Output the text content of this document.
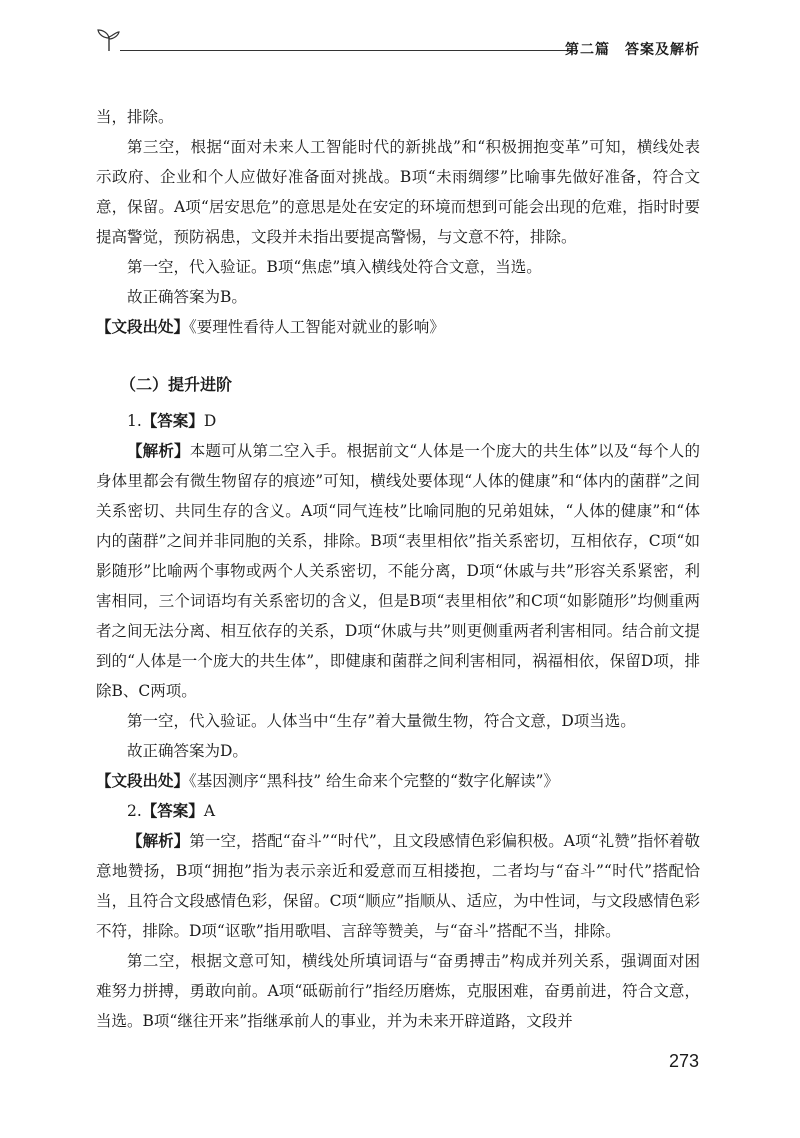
第二篇　答案及解析

当，排除。

第三空，根据“面对未来人工智能时代的新挑战”和“积极拥抱变革”可知，横线处表示政府、企业和个人应做好准备面对挑战。B项“未雨绸缪”比喻事先做好准备，符合文意，保留。A项“居安思危”的意思是处在安定的环境而想到可能会出现的危难，指时时要提高警觉，预防祸患，文段并未指出要提高警惕，与文意不符，排除。

第一空，代入验证。B项“焦虑”填入横线处符合文意，当选。

故正确答案为B。

【文段出处】《要理性看待人工智能对就业的影响》

（二）提升进阶

1.【答案】D

【解析】本题可从第二空入手。根据前文“人体是一个庞大的共生体”以及“每个人的身体里都会有微生物留存的痕迹”可知，横线处要体现“人体的健康”和“体内的菌群”之间关系密切、共同生存的含义。A项“同气连枝”比喻同胞的兄弟姐妹，“人体的健康”和“体内的菌群”之间并非同胞的关系，排除。B项“表里相依”指关系密切，互相依存，C项“如影随形”比喻两个事物或两个人关系密切，不能分离，D项“休戚与共”形容关系紧密，利害相同，三个词语均有关系密切的含义，但是B项“表里相依”和C项“如影随形”均侧重两者之间无法分离、相互依存的关系，D项“休戚与共”则更侧重两者利害相同。结合前文提到的“人体是一个庞大的共生体”，即健康和菌群之间利害相同，祸福相依，保留D项，排除B、C两项。

第一空，代入验证。人体当中“生存”着大量微生物，符合文意，D项当选。

故正确答案为D。

【文段出处】《基因测序“黑科技” 给生命来个完整的“数字化解读”》

2.【答案】A

【解析】第一空，搭配“奋斗”“时代”，且文段感情色彩偏积极。A项“礼赞”指怀着敬意地赞扬，B项“拥抱”指为表示亲近和爱意而互相搂抱，二者均与“奋斗”“时代”搭配恰当，且符合文段感情色彩，保留。C项“顺应”指顺从、适应，为中性词，与文段感情色彩不符，排除。D项“讴歌”指用歌唱、言辞等赞美，与“奋斗”搭配不当，排除。

第二空，根据文意可知，横线处所填词语与“奋勇搏击”构成并列关系，强调面对困难努力拼搏，勇敢向前。A项“砥砺前行”指经历磨炼，克服困难，奋勇前进，符合文意，当选。B项“继往开来”指继承前人的事业，并为未来开辟道路，文段并

273
